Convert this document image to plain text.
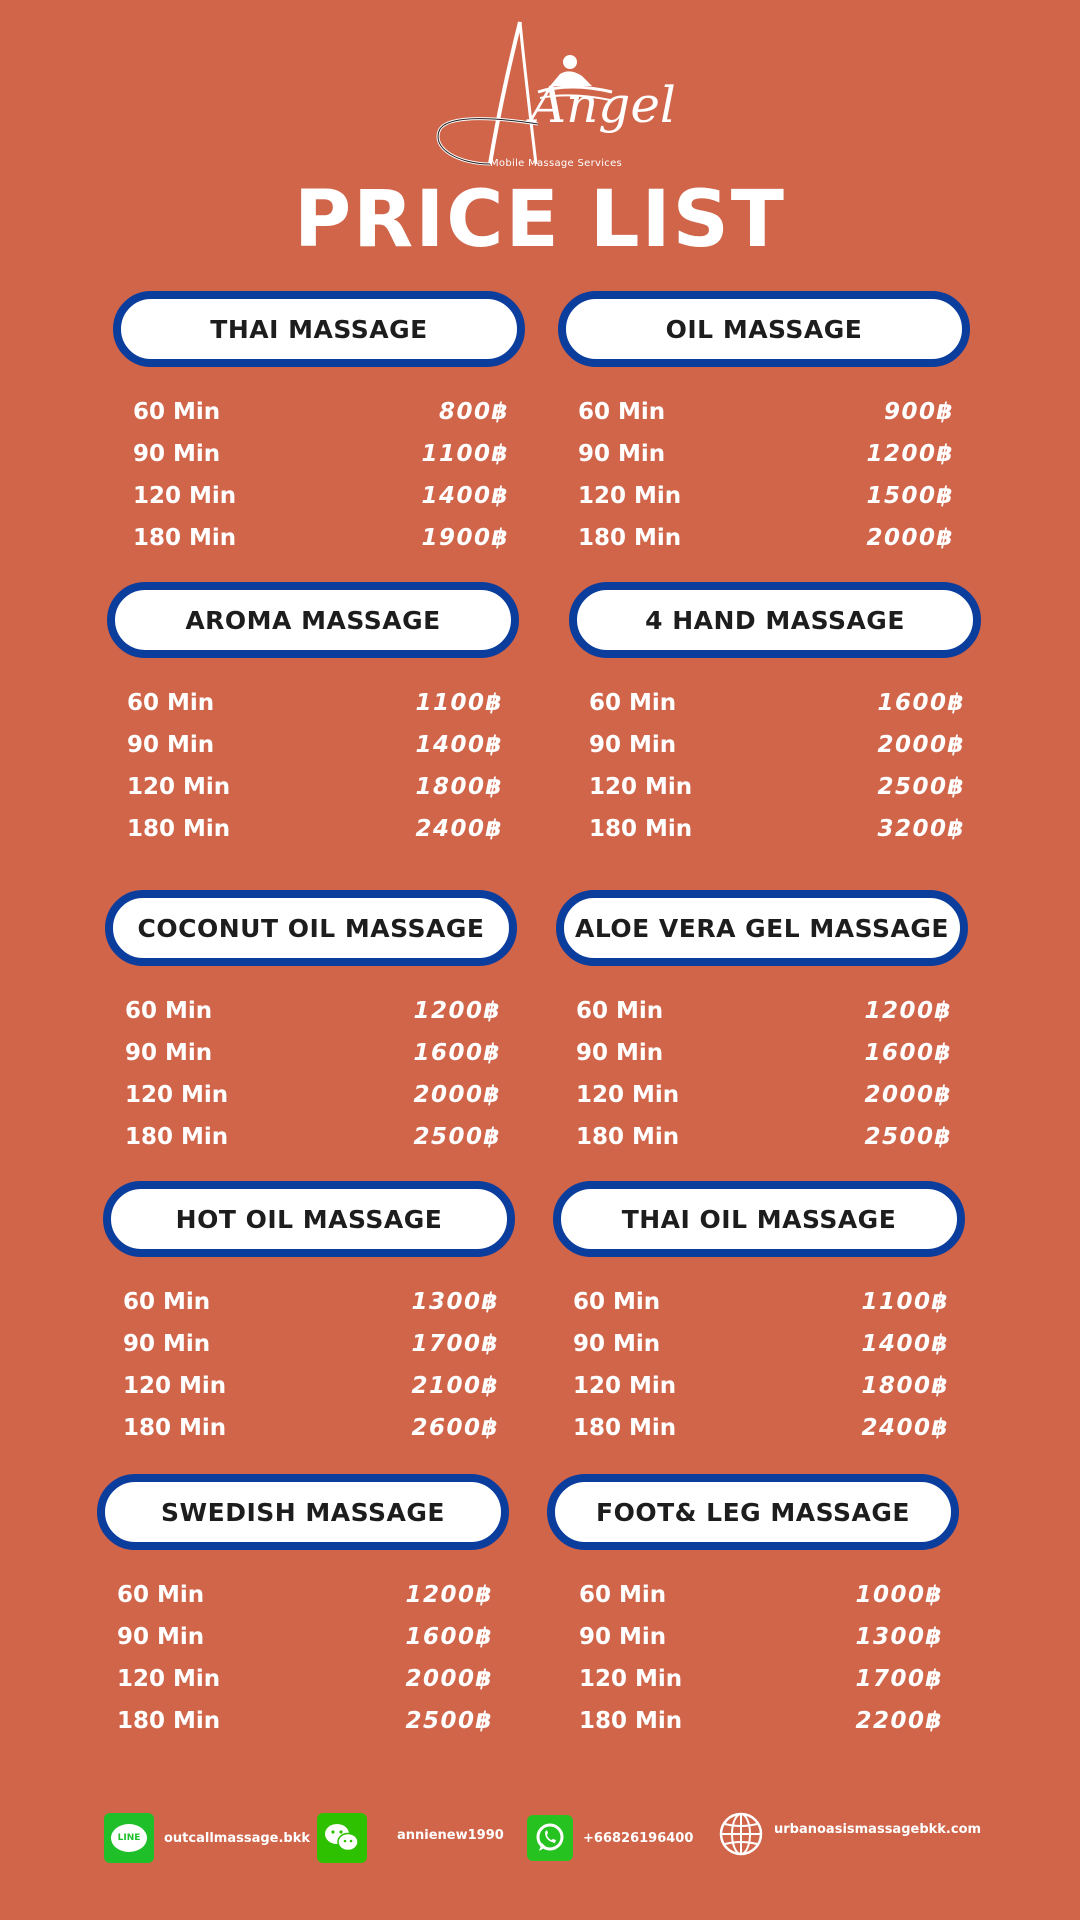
Angel
Mobile Massage Services
PRICE LIST
THAI MASSAGE
60 Min	800฿
90 Min	1100฿
120 Min	1400฿
180 Min	1900฿
OIL MASSAGE
60 Min	900฿
90 Min	1200฿
120 Min	1500฿
180 Min	2000฿
AROMA MASSAGE
60 Min	1100฿
90 Min	1400฿
120 Min	1800฿
180 Min	2400฿
4 HAND MASSAGE
60 Min	1600฿
90 Min	2000฿
120 Min	2500฿
180 Min	3200฿
COCONUT OIL MASSAGE
60 Min	1200฿
90 Min	1600฿
120 Min	2000฿
180 Min	2500฿
ALOE VERA GEL MASSAGE
60 Min	1200฿
90 Min	1600฿
120 Min	2000฿
180 Min	2500฿
HOT OIL MASSAGE
60 Min	1300฿
90 Min	1700฿
120 Min	2100฿
180 Min	2600฿
THAI OIL MASSAGE
60 Min	1100฿
90 Min	1400฿
120 Min	1800฿
180 Min	2400฿
SWEDISH MASSAGE
60 Min	1200฿
90 Min	1600฿
120 Min	2000฿
180 Min	2500฿
FOOT& LEG MASSAGE
60 Min	1000฿
90 Min	1300฿
120 Min	1700฿
180 Min	2200฿
LINE	outcallmassage.bkk	annienew1990	+66826196400
urbanoasismassagebkk.com
